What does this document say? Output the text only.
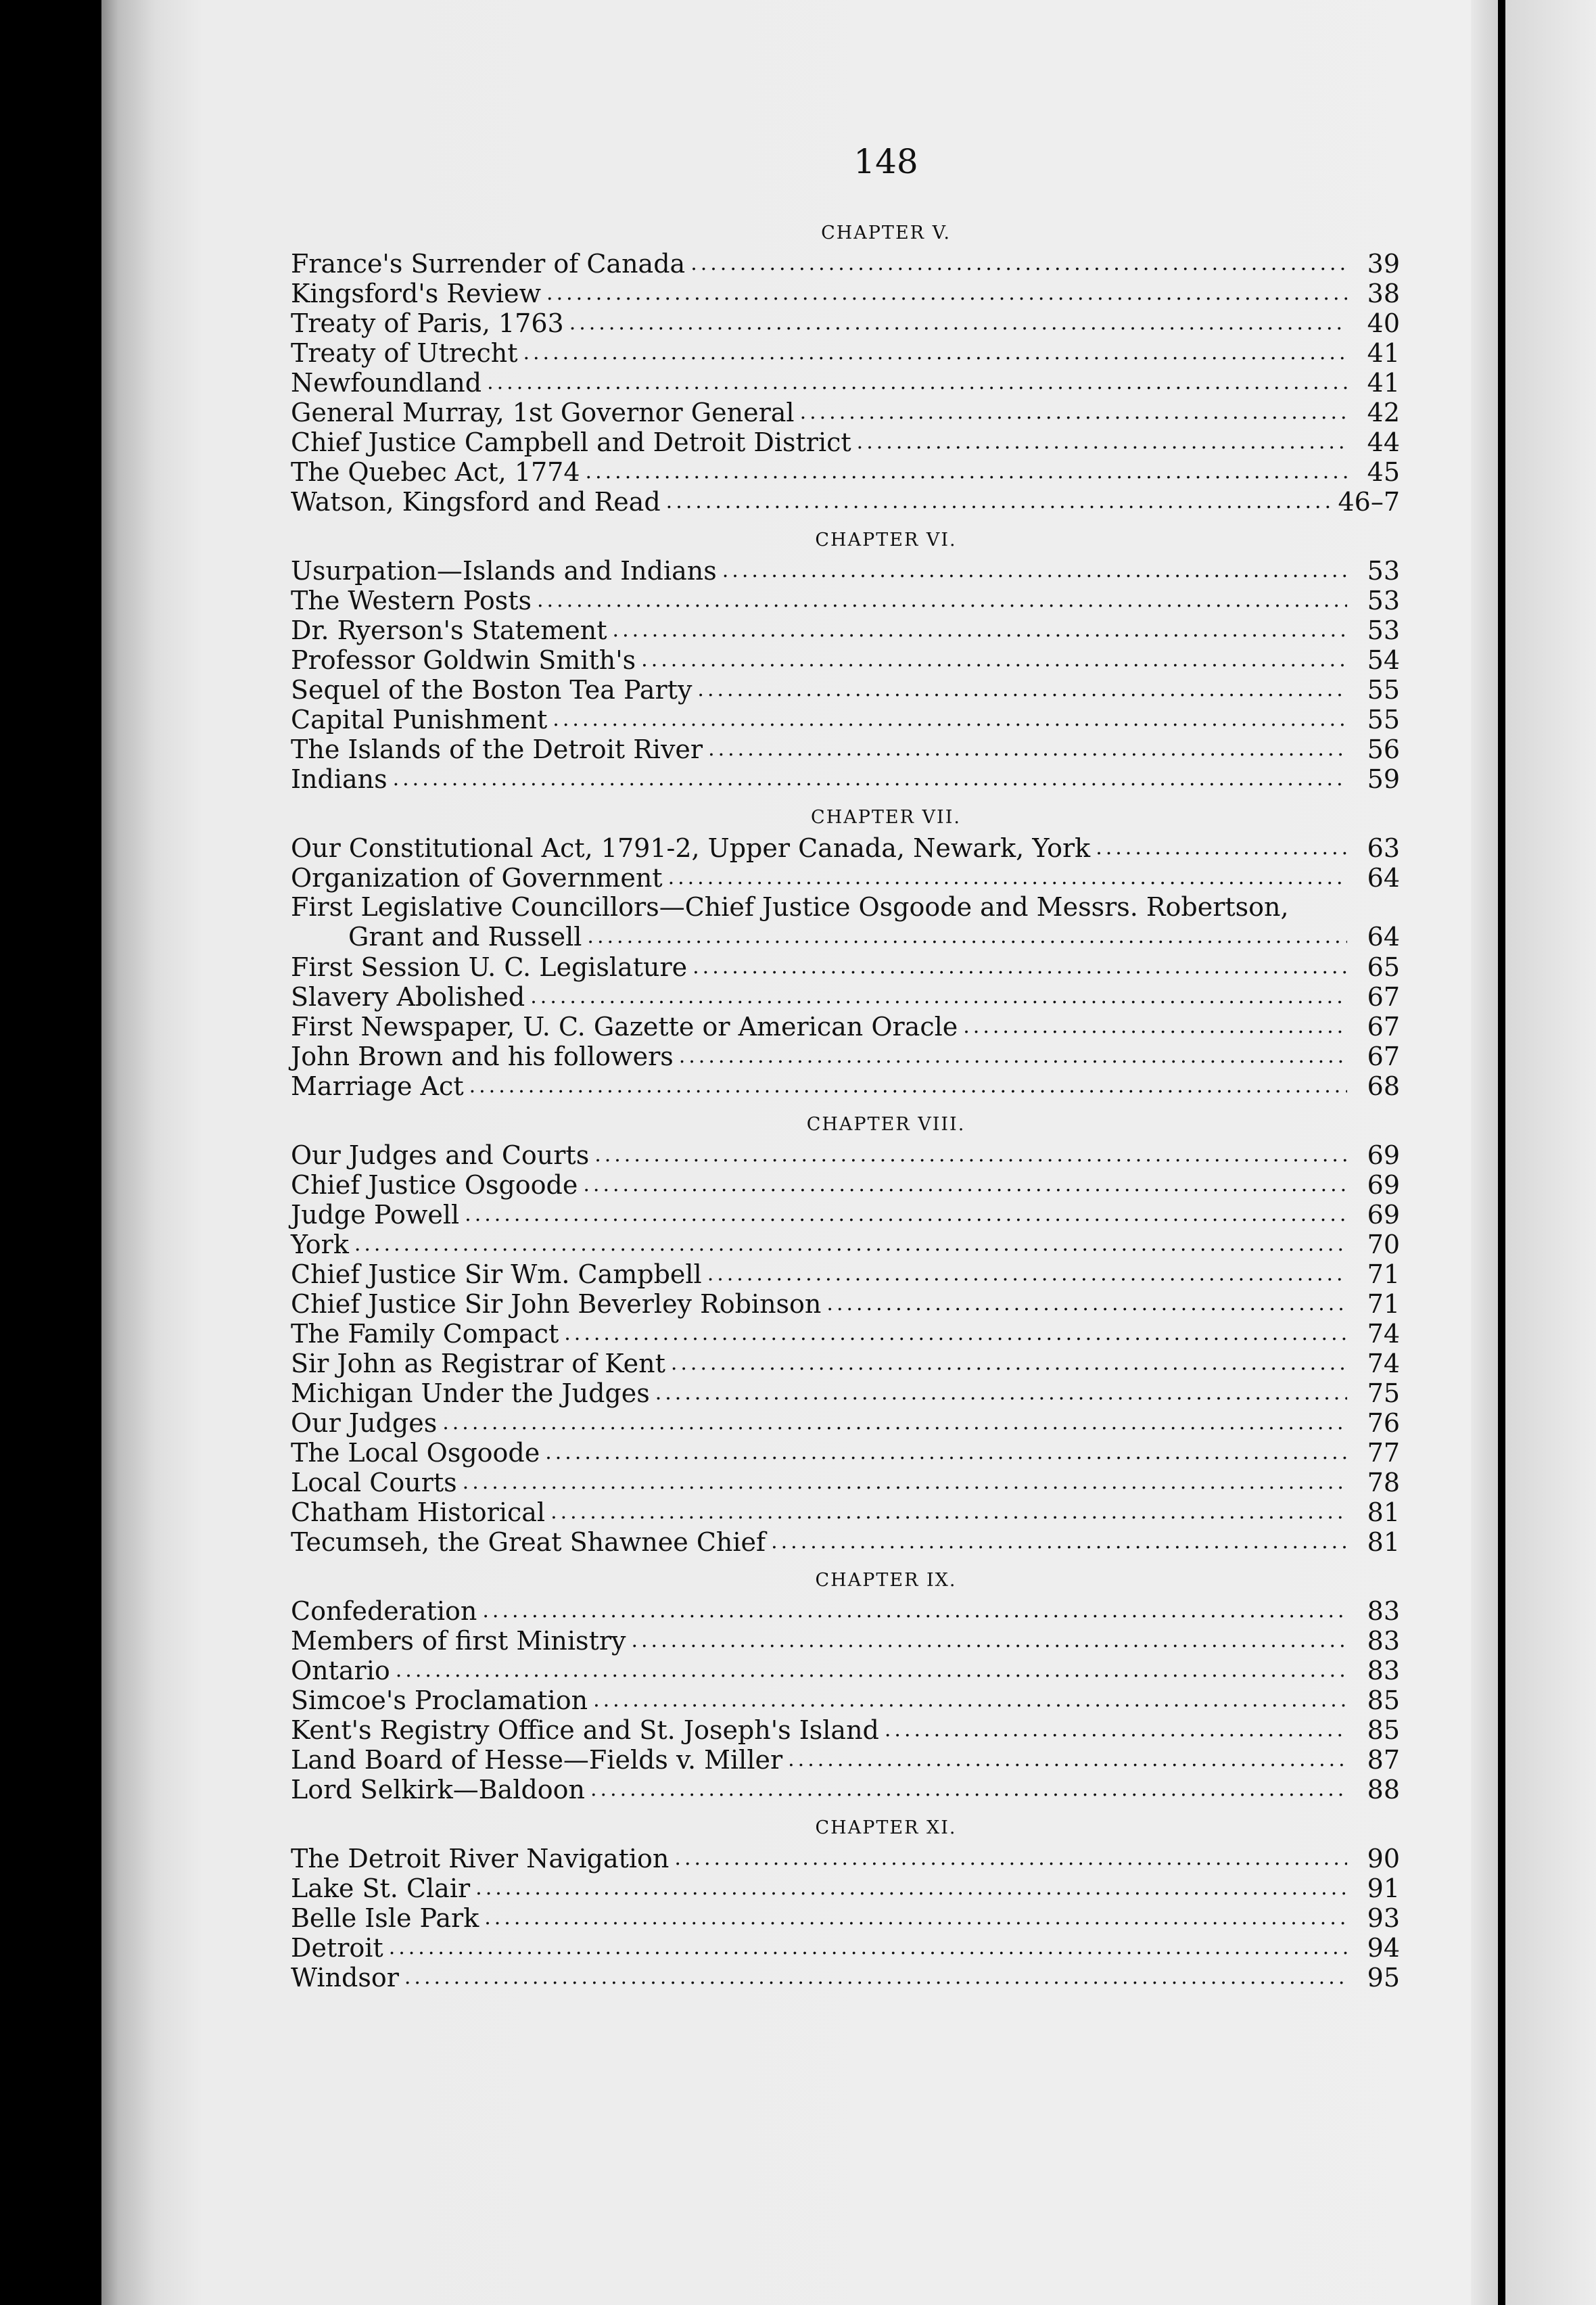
148
CHAPTER V.
France's Surrender of Canada .....	39
Kingsford's Review .....	38
Treaty of Paris, 1763 .....	40
Treaty of Utrecht .....	41
Newfoundland .....	41
General Murray, 1st Governor General .....	42
Chief Justice Campbell and Detroit District .....	44
The Quebec Act, 1774 .....	45
Watson, Kingsford and Read .....	46–7
CHAPTER VI.
Usurpation—Islands and Indians .....	53
The Western Posts .....	53
Dr. Ryerson's Statement .....	53
Professor Goldwin Smith's .....	54
Sequel of the Boston Tea Party .....	55
Capital Punishment .....	55
The Islands of the Detroit River .....	56
Indians .....	59
CHAPTER VII.
Our Constitutional Act, 1791-2, Upper Canada, Newark, York .....	63
Organization of Government .....	64
First Legislative Councillors—Chief Justice Osgoode and Messrs. Robertson,
Grant and Russell .....	64
First Session U. C. Legislature .....	65
Slavery Abolished .....	67
First Newspaper, U. C. Gazette or American Oracle .....	67
John Brown and his followers .....	67
Marriage Act .....	68
CHAPTER VIII.
Our Judges and Courts .....	69
Chief Justice Osgoode .....	69
Judge Powell .....	69
York .....	70
Chief Justice Sir Wm. Campbell .....	71
Chief Justice Sir John Beverley Robinson .....	71
The Family Compact .....	74
Sir John as Registrar of Kent .....	74
Michigan Under the Judges .....	75
Our Judges .....	76
The Local Osgoode .....	77
Local Courts .....	78
Chatham Historical .....	81
Tecumseh, the Great Shawnee Chief .....	81
CHAPTER IX.
Confederation .....	83
Members of first Ministry .....	83
Ontario .....	83
Simcoe's Proclamation .....	85
Kent's Registry Office and St. Joseph's Island .....	85
Land Board of Hesse—Fields v. Miller .....	87
Lord Selkirk—Baldoon .....	88
CHAPTER XI.
The Detroit River Navigation .....	90
Lake St. Clair .....	91
Belle Isle Park .....	93
Detroit .....	94
Windsor .....	95
